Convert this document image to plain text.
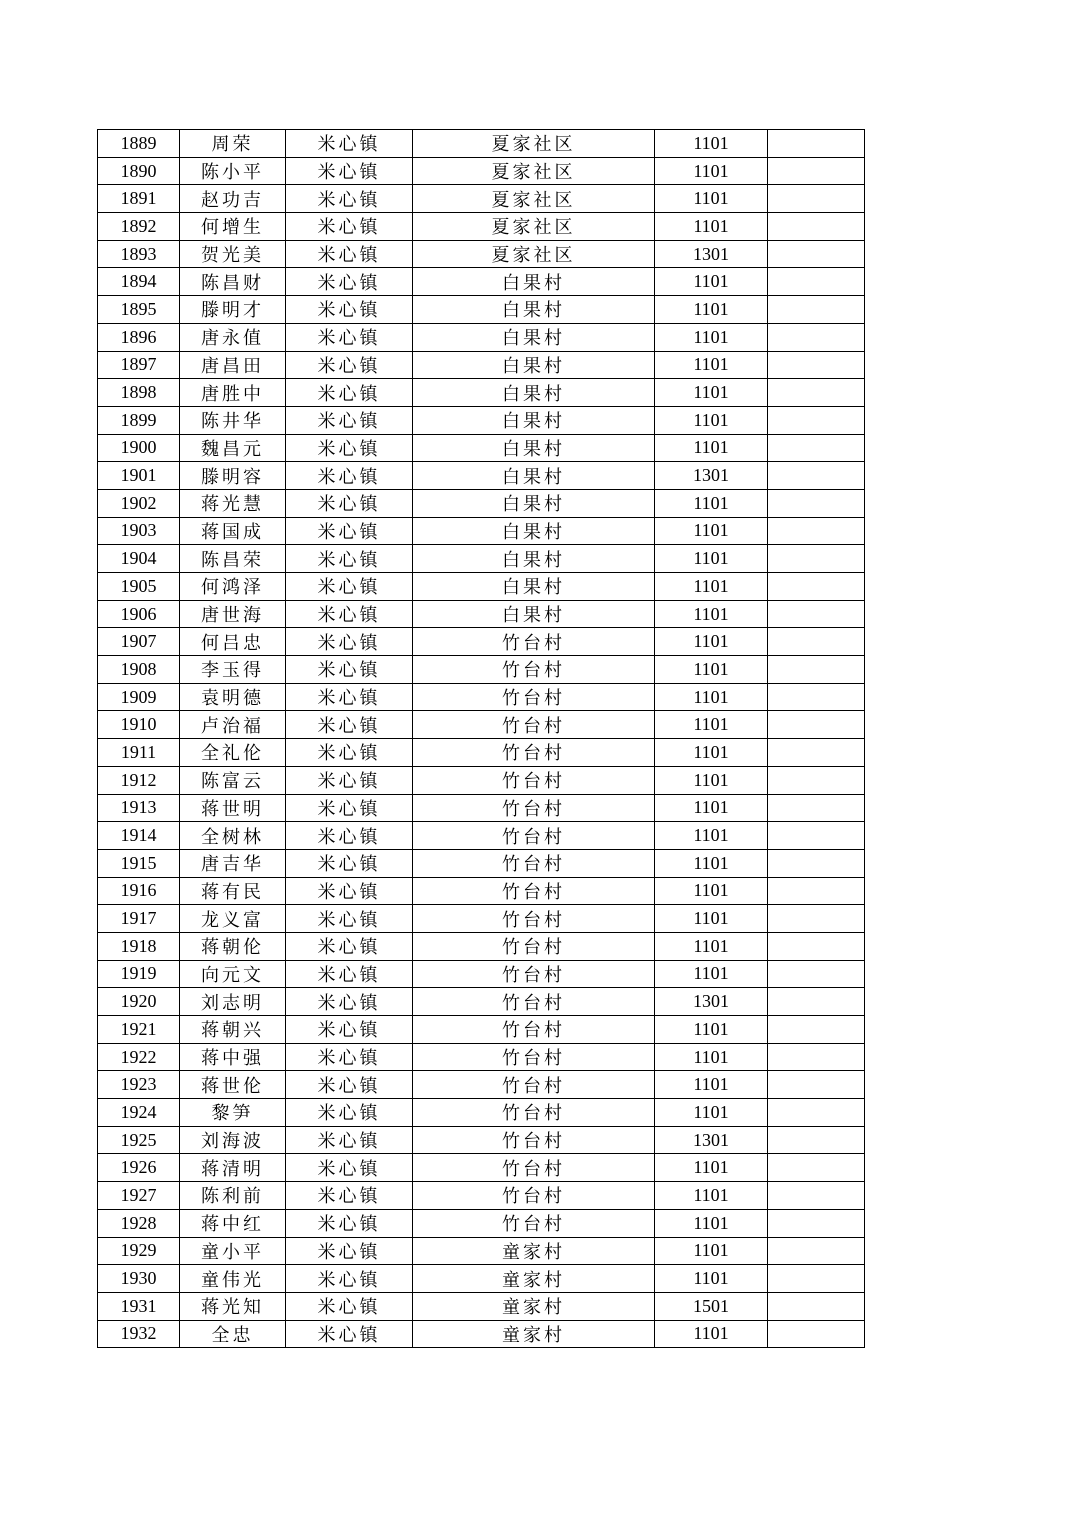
1889	周荣	米心镇	夏家社区	1101	
1890	陈小平	米心镇	夏家社区	1101	
1891	赵功吉	米心镇	夏家社区	1101	
1892	何增生	米心镇	夏家社区	1101	
1893	贺光美	米心镇	夏家社区	1301	
1894	陈昌财	米心镇	白果村	1101	
1895	滕明才	米心镇	白果村	1101	
1896	唐永值	米心镇	白果村	1101	
1897	唐昌田	米心镇	白果村	1101	
1898	唐胜中	米心镇	白果村	1101	
1899	陈井华	米心镇	白果村	1101	
1900	魏昌元	米心镇	白果村	1101	
1901	滕明容	米心镇	白果村	1301	
1902	蒋光慧	米心镇	白果村	1101	
1903	蒋国成	米心镇	白果村	1101	
1904	陈昌荣	米心镇	白果村	1101	
1905	何鸿泽	米心镇	白果村	1101	
1906	唐世海	米心镇	白果村	1101	
1907	何吕忠	米心镇	竹台村	1101	
1908	李玉得	米心镇	竹台村	1101	
1909	袁明德	米心镇	竹台村	1101	
1910	卢治福	米心镇	竹台村	1101	
1911	全礼伦	米心镇	竹台村	1101	
1912	陈富云	米心镇	竹台村	1101	
1913	蒋世明	米心镇	竹台村	1101	
1914	全树林	米心镇	竹台村	1101	
1915	唐吉华	米心镇	竹台村	1101	
1916	蒋有民	米心镇	竹台村	1101	
1917	龙义富	米心镇	竹台村	1101	
1918	蒋朝伦	米心镇	竹台村	1101	
1919	向元文	米心镇	竹台村	1101	
1920	刘志明	米心镇	竹台村	1301	
1921	蒋朝兴	米心镇	竹台村	1101	
1922	蒋中强	米心镇	竹台村	1101	
1923	蒋世伦	米心镇	竹台村	1101	
1924	黎笋	米心镇	竹台村	1101	
1925	刘海波	米心镇	竹台村	1301	
1926	蒋清明	米心镇	竹台村	1101	
1927	陈利前	米心镇	竹台村	1101	
1928	蒋中红	米心镇	竹台村	1101	
1929	童小平	米心镇	童家村	1101	
1930	童伟光	米心镇	童家村	1101	
1931	蒋光知	米心镇	童家村	1501	
1932	全忠	米心镇	童家村	1101	
